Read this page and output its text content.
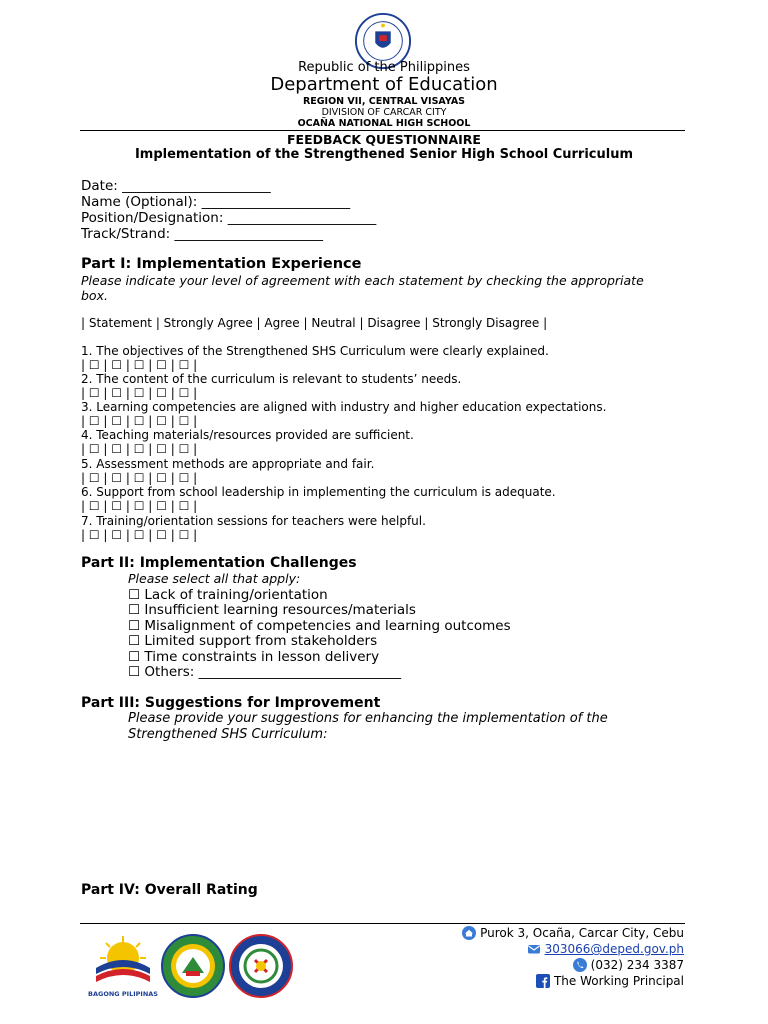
Republic of the Philippines
Department of Education
REGION VII, CENTRAL VISAYAS
DIVISION OF CARCAR CITY
OCAÑA NATIONAL HIGH SCHOOL
FEEDBACK QUESTIONNAIRE
Implementation of the Strengthened Senior High School Curriculum
Date: ______________________
Name (Optional): ______________________
Position/Designation: ______________________
Track/Strand: ______________________
Part I: Implementation Experience
Please indicate your level of agreement with each statement by checking the appropriate box.
| Statement | Strongly Agree | Agree | Neutral | Disagree | Strongly Disagree |
1. The objectives of the Strengthened SHS Curriculum were clearly explained.
| ☐ | ☐ | ☐ | ☐ | ☐ |
2. The content of the curriculum is relevant to students’ needs.
| ☐ | ☐ | ☐ | ☐ | ☐ |
3. Learning competencies are aligned with industry and higher education expectations.
| ☐ | ☐ | ☐ | ☐ | ☐ |
4. Teaching materials/resources provided are sufficient.
| ☐ | ☐ | ☐ | ☐ | ☐ |
5. Assessment methods are appropriate and fair.
| ☐ | ☐ | ☐ | ☐ | ☐ |
6. Support from school leadership in implementing the curriculum is adequate.
| ☐ | ☐ | ☐ | ☐ | ☐ |
7. Training/orientation sessions for teachers were helpful.
| ☐ | ☐ | ☐ | ☐ | ☐ |
Part II: Implementation Challenges
Please select all that apply:
☐ Lack of training/orientation
☐ Insufficient learning resources/materials
☐ Misalignment of competencies and learning outcomes
☐ Limited support from stakeholders
☐ Time constraints in lesson delivery
☐ Others: ______________________________
Part III: Suggestions for Improvement
Please provide your suggestions for enhancing the implementation of the Strengthened SHS Curriculum:
Part IV: Overall Rating
BAGONG PILIPINAS
Purok 3, Ocaña, Carcar City, Cebu
303066@deped.gov.ph
(032) 234 3387
The Working Principal
